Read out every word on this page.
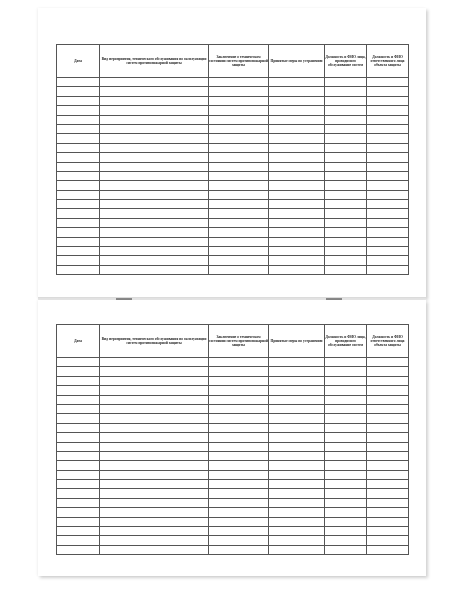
Дата	Вид мероприятия, технического обслуживания по эксплуатации систем противопожарной защиты	Заключение о техническом состоянии систем противопожарной защиты	Принятые меры по устранению	Должность и ФИО лица, проводимого обслуживание систем	Должность и ФИО ответственного лица объекта защиты

Дата	Вид мероприятия, технического обслуживания по эксплуатации систем противопожарной защиты	Заключение о техническом состоянии систем противопожарной защиты	Принятые меры по устранению	Должность и ФИО лица, проводимого обслуживание систем	Должность и ФИО ответственного лица объекта защиты
